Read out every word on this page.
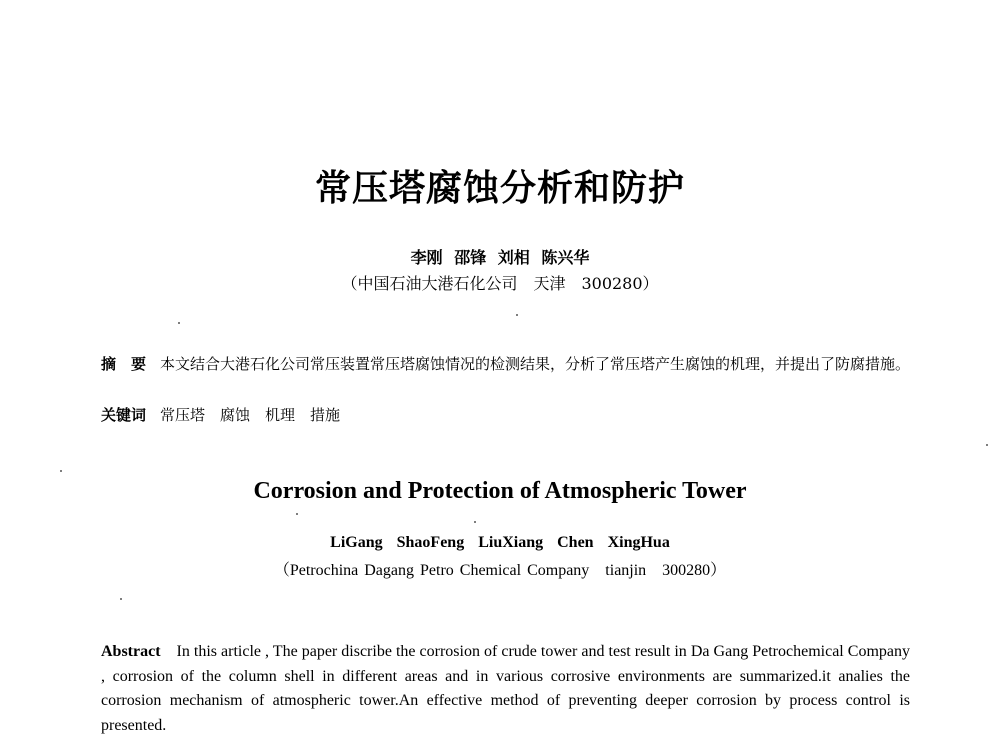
常压塔腐蚀分析和防护
李刚 邵锋 刘相 陈兴华
（中国石油大港石化公司　天津　300280）
摘　要 本文结合大港石化公司常压装置常压塔腐蚀情况的检测结果，分析了常压塔产生腐蚀的机理，并提出了防腐措施。
关键词 常压塔　腐蚀　机理　措施
Corrosion and Protection of Atmospheric Tower
LiGang ShaoFeng LiuXiang Chen XingHua
（Petrochina Dagang Petro Chemical Company　tianjin　300280）
Abstract In this article , The paper discribe the corrosion of crude tower and test result in Da Gang Petrochemical Company , corrosion of the column shell in different areas and in various corrosive environments are summarized.it analies the corrosion mechanism of atmospheric tower.An effective method of preventing deeper corrosion by process control is presented.
